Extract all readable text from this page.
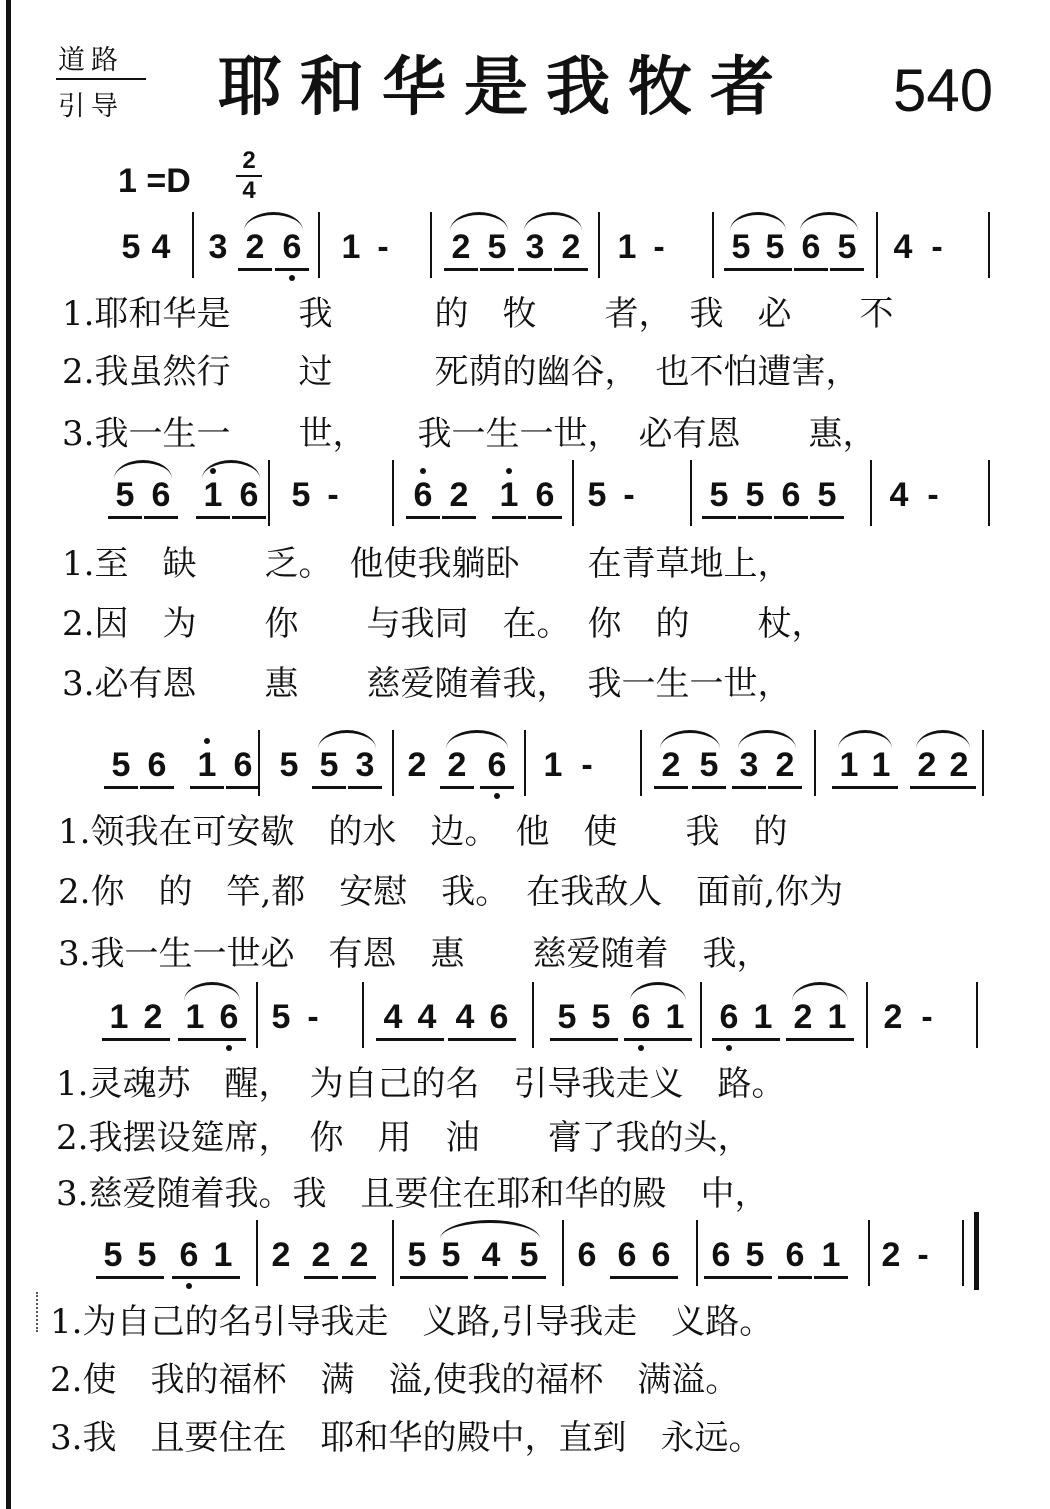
道路
引导 耶和华是我牧者 540
1 =D
2
4
5 4 3 2 6 1 - 2 5 3 2 1 - 5 5 6 5 4 -
5 6 1 6 5 - 6 2 1 6 5 - 5 5 6 5 4 -
5 6 1 6 5 5 3 2 2 6 1 - 2 5 3 2 1 1 2 2
1 2 1 6 5 - 4 4 4 6 5 5 6 1 6 1 2 1 2 -
5 5 6 1 2 2 2 5 5 4 5 6 6 6 6 5 6 1 2 -
1.耶和华是　　我　　　的　牧　　者，　我　必　　不
2.我虽然行　　过　　　死荫的幽谷，　也不怕遭害，
3.我一生一　　世，　　我一生一世，　必有恩　　惠，
1.至　缺　　乏。　他使我躺卧　　在青草地上，
2.因　为　　你　　与我同　在。　你　的　　杖，
3.必有恩　　惠　　慈爱随着我，　我一生一世，
1.领我在可安歇　的水　边。　他　使　　我　的
2.你　的　竿,都　安慰　我。　在我敌人　面前,你为
3.我一生一世必　有恩　惠　　慈爱随着　我，
1.灵魂苏　醒，　为自己的名　引导我走义　路。
2.我摆设筵席，　你　用　油　　膏了我的头，
3.慈爱随着我。我　且要住在耶和华的殿　中，
1.为自己的名引导我走　义路,引导我走　义路。
2.使　我的福杯　满　溢,使我的福杯　满溢。
3.我　且要住在　耶和华的殿中，直到　永远。
